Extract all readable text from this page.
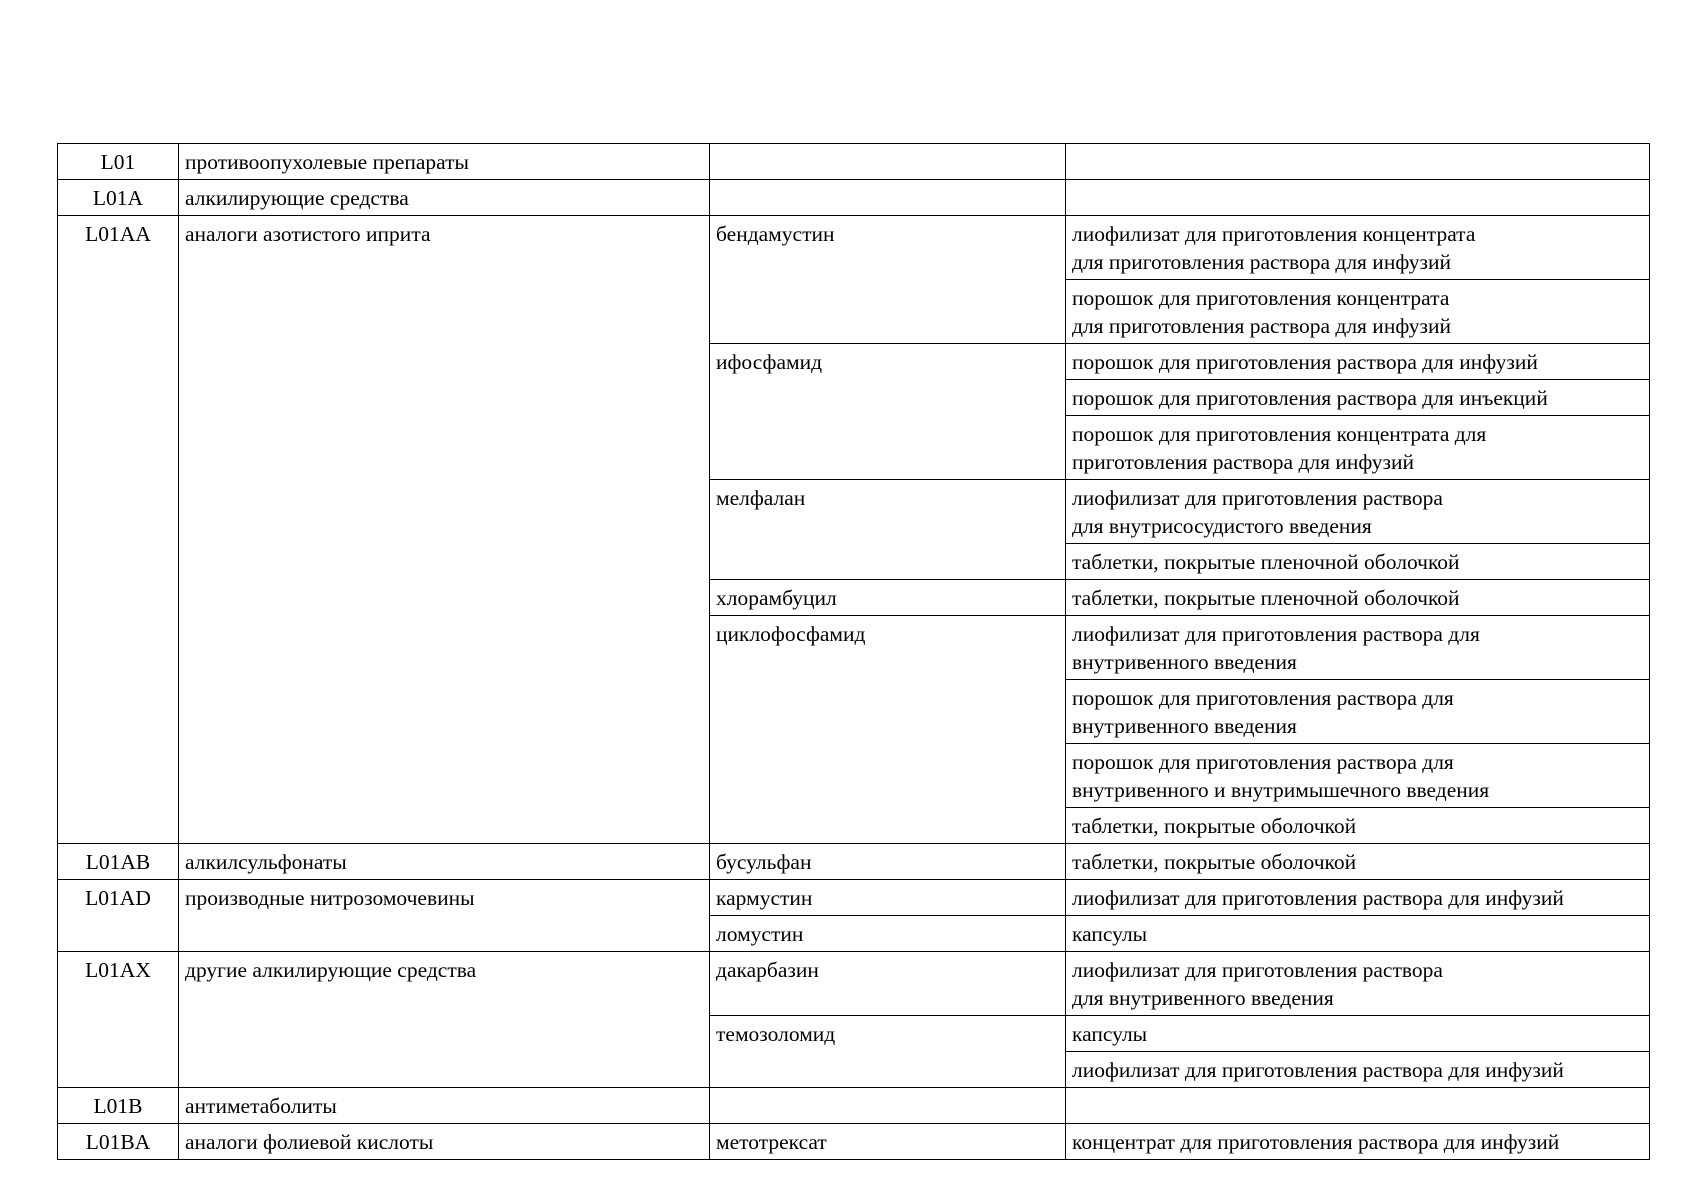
L01	противоопухолевые препараты		

L01A	алкилирующие средства		

L01AA	аналоги азотистого иприта	бендамустин	лиофилизат для приготовления концентрата
для приготовления раствора для инфузий

			порошок для приготовления концентрата
для приготовления раствора для инфузий

		ифосфамид	порошок для приготовления раствора для инфузий

			порошок для приготовления раствора для инъекций

			порошок для приготовления концентрата для
приготовления раствора для инфузий

		мелфалан	лиофилизат для приготовления раствора
для внутрисосудистого введения

			таблетки, покрытые пленочной оболочкой

		хлорамбуцил	таблетки, покрытые пленочной оболочкой

		циклофосфамид	лиофилизат для приготовления раствора для
внутривенного введения

			порошок для приготовления раствора для
внутривенного введения

			порошок для приготовления раствора для
внутривенного и внутримышечного введения

			таблетки, покрытые оболочкой

L01AB	алкилсульфонаты	бусульфан	таблетки, покрытые оболочкой

L01AD	производные нитрозомочевины	кармустин	лиофилизат для приготовления раствора для инфузий

		ломустин	капсулы

L01AX	другие алкилирующие средства	дакарбазин	лиофилизат для приготовления раствора
для внутривенного введения

		темозоломид	капсулы

			лиофилизат для приготовления раствора для инфузий

L01B	антиметаболиты		

L01BA	аналоги фолиевой кислоты	метотрексат	концентрат для приготовления раствора для инфузий
